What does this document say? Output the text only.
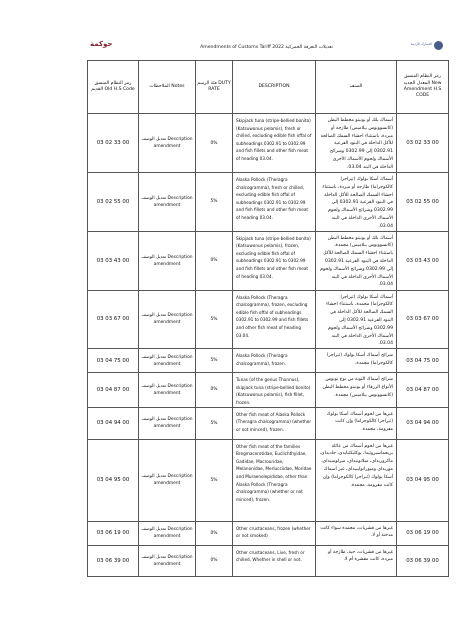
حوكمة	Amendments of Customs Tariff 2022 تعديلات التعرفة الجمركية
الجمارك الأردنية
رمز النظام المنسق القديم Old H.S Code	الملاحظات Notes	فئة الرسم DUTY RATE	DESCRIPTION	الصنف	رمز النظام المنسق المعدل الجديد New Amendment H.S CODE
03 02 33 00	تعديل الوصف Description amendment	0%	Skipjack tuna (stripe-bellied bonito) (Katsuwonus pelamis), fresh or chilled, excluding edible fish offal of subheadings 0302.91 to 0302.99 and fish fillets and other fish meat of heading 03.04.	أسماك بلك أو بونيتو مخطط البطن (كاتسوونوس بيلاميس) طازجة أو مبردة، باستثناء احشاء السمك الصالحة للأكل الداخلة في البنود الفرعية 0302.91 إلى 0302.99 وشرائح الأسماك ولحوم الأسماك الأخرى الداخلة في البند 03.04.	03 02 33 00
03 02 55 00	تعديل الوصف Description amendment	5%	Alaska Pollock (Theragra chalcogramma), fresh or chilled, excluding edible fish offal of subheadings 0302.91 to 0302.99 and fish fillets and other fish meat of heading 03.04.	أسماك أسكا بولوك (ثيراجرا كالكوجراما) طازجة أو مبردة، باستثناء احشاء السمك الصالحة للأكل الداخلة في البنود الفرعية 0302.91 إلى 0302.99 وشرائح الأسماك ولحوم الأسماك الأخرى الداخلة في البند 03.04.	03 02 55 00
03 03 43 00	تعديل الوصف Description amendment	0%	Skipjack tuna (stripe-bellied bonito) (Katsuwonus pelamis), frozen, excluding edible fish offal of subheadings 0302.91 to 0302.99 and fish fillets and other fish meat of heading 03.04.	أسماك بلك أو بونيتو مخطط البطن (كاتسوونوس بيلاميس) مجمدة، باستثناء احشاء السمك الصالحة للأكل الداخلة في البنود الفرعية 0302.91 إلى 0302.99 وشرائح الأسماك ولحوم الأسماك الأخرى الداخلة في البند 03.04.	03 03 43 00
03 03 67 00	تعديل الوصف Description amendment	5%	Alaska Pollock (Theragra chalcogramma), frozen, excluding edible fish offal of subheadings 0302.91 to 0302.99 and fish fillets and other fish meat of heading 03.04.	أسماك أسكا بولوك (ثيراجرا كالكوجراما) مجمدة، باستثناء احشاء السمك الصالحة للأكل الداخلة في البنود الفرعية 0302.91 إلى 0302.99 وشرائح الأسماك ولحوم الأسماك الأخرى الداخلة في البند 03.04.	03 03 67 00
03 04 75 00	تعديل الوصف Description amendment	5%	Alaska Pollock (Theragra chalcogramma), frozen.	شرائح أسماك أسكا بولوك (ثيراجرا كالكوجراما) مجمدة.	03 04 75 00
03 04 87 00	تعديل الوصف Description amendment	0%	Tunas (of the genus Thunnus), skipjack tuna (stripe-bellied bonito) (Katsuwonus pelamis), fish fillet, frozen.	شرائح أسماك التونة من نوع تونوس الأنواع الزرقاء أو بونيتو مخطط البطن (كاتسوونوس بيلاميس) مجمدة.	03 04 87 00
03 04 94 00	تعديل الوصف Description amendment	5%	Other fish meat of Alaska Pollock (Theragra chalcogramma) (whether or not minced), frozen.	غيرها من لحوم أسماك أسكا بولوك (ثيراجرا كالكوجراما) وإن كانت مفرومة، مجمدة.	03 04 94 00
03 04 95 00	تعديل الوصف Description amendment	5%	Other fish meat of the families Bregmacerotidae, Euclichthyidae, Gadidae, Macrouridae, Melanonidae, Merlucciidae, Moridae and Muraenolepididae, other than Alaska Pollock (Theragra chalcogramma) (whether or not minced), frozen.	غيرها من لحوم أسماك من عائلة بريجماسيروتيدا، يوكليكثيايدي، جاديداي، ماكروريداي، ميلانونيداي، ميرلوسيداي، موريداي وميورانوليبيداي، غير أسماك أسكا بولوك (ثيراجرا كالكوجراما) وإن كانت مفرومة، مجمدة.	03 04 95 00
03 06 19 00	تعديل الوصف Description amendment	0%	Other crustaceans, frozen (whether or not smoked)	غيرها من قشريات، مجمدة سواء كانت مدخنة أو لا.	03 06 19 00
03 06 39 00	تعديل الوصف Description amendment	0%	Other crustaceans, Live, fresh or chilled, Whether in shell or not.	غيرها من قشريات، حية، طازجة أو مبردة، كانت مقشرة أم لا.	03 06 39 00
